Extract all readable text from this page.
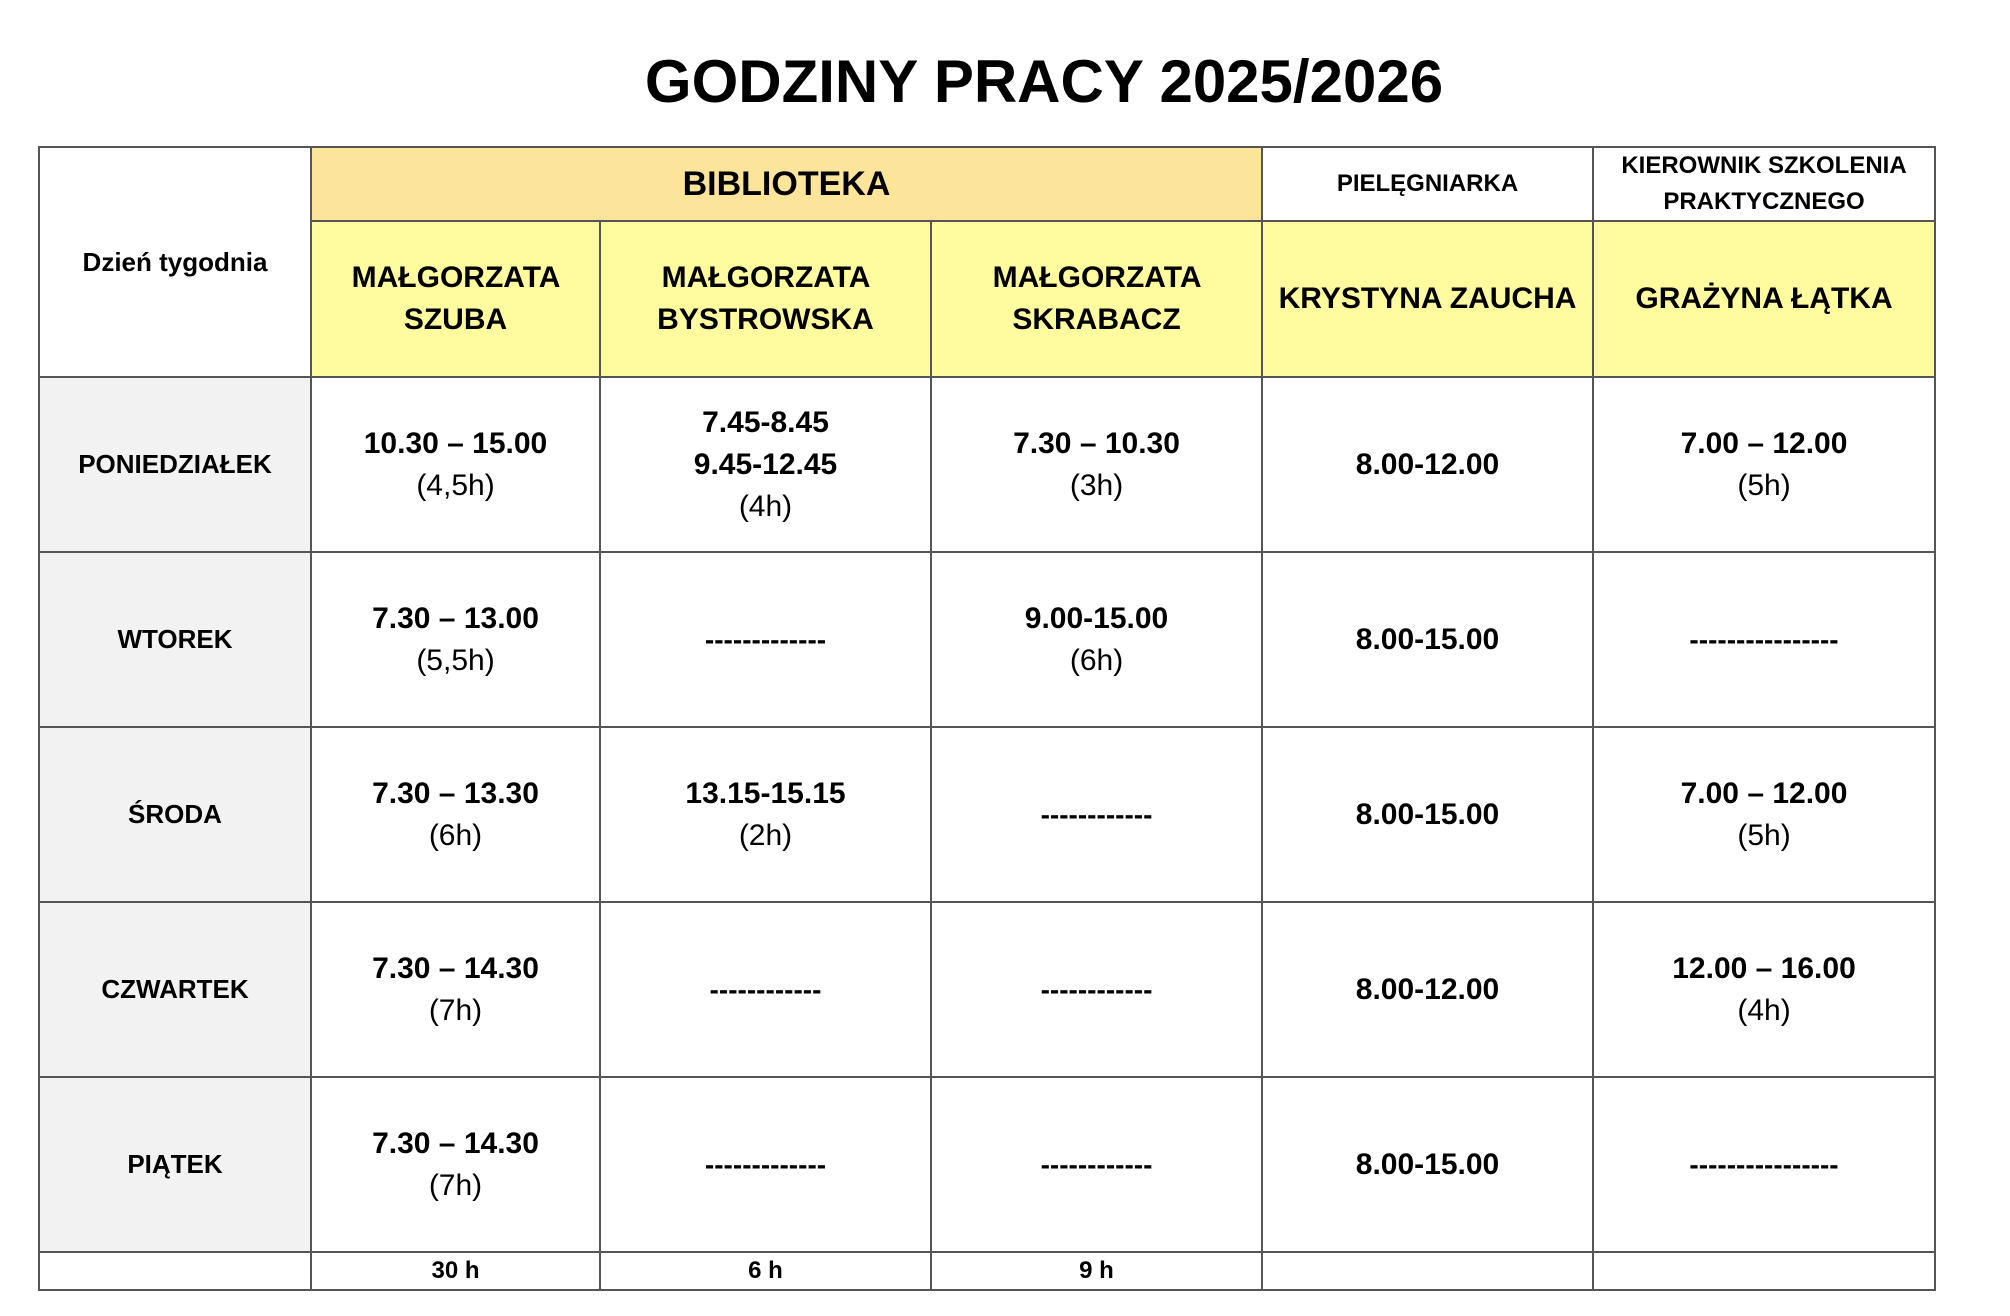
GODZINY PRACY 2025/2026
Dzień tygodnia	BIBLIOTEKA			PIELĘGNIARKA	KIEROWNIK SZKOLENIA PRAKTYCZNEGO
	MAŁGORZATA SZUBA	MAŁGORZATA BYSTROWSKA	MAŁGORZATA SKRABACZ	KRYSTYNA ZAUCHA	GRAŻYNA ŁĄTKA
PONIEDZIAŁEK	10.30 – 15.00
(4,5h)	7.45-8.45
9.45-12.45
(4h)	7.30 – 10.30
(3h)	8.00-12.00	7.00 – 12.00
(5h)

WTOREK	7.30 – 13.00
(5,5h)	-------------	9.00-15.00
(6h)	8.00-15.00	----------------

ŚRODA	7.30 – 13.30
(6h)	13.15-15.15
(2h)	------------	8.00-15.00	7.00 – 12.00
(5h)

CZWARTEK	7.30 – 14.30
(7h)	------------	------------	8.00-12.00	12.00 – 16.00
(4h)

PIĄTEK	7.30 – 14.30
(7h)	-------------	------------	8.00-15.00	----------------

	30 h	6 h	9 h		
